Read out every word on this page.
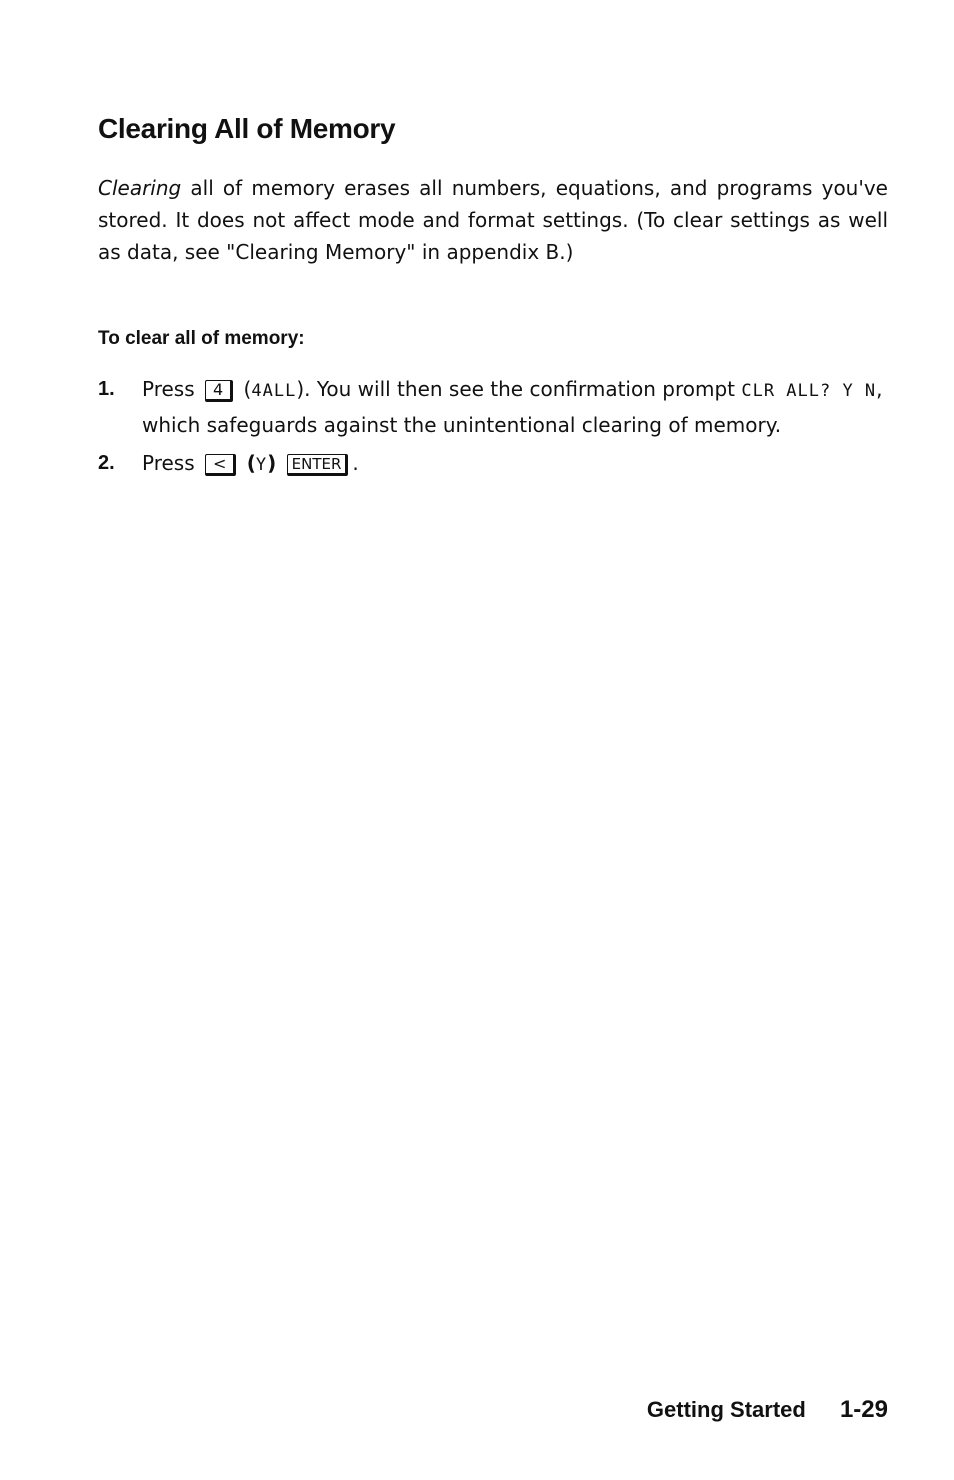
Clearing All of Memory

Clearing all of memory erases all numbers, equations, and programs you've stored. It does not affect mode and format settings. (To clear settings as well as data, see "Clearing Memory" in appendix B.)

To clear all of memory:
1. Press 4 (4ALL). You will then see the confirmation prompt CLR ALL? Y N, which safeguards against the unintentional clearing of memory.
2. Press < (Y) ENTER .
Getting Started 1-29
